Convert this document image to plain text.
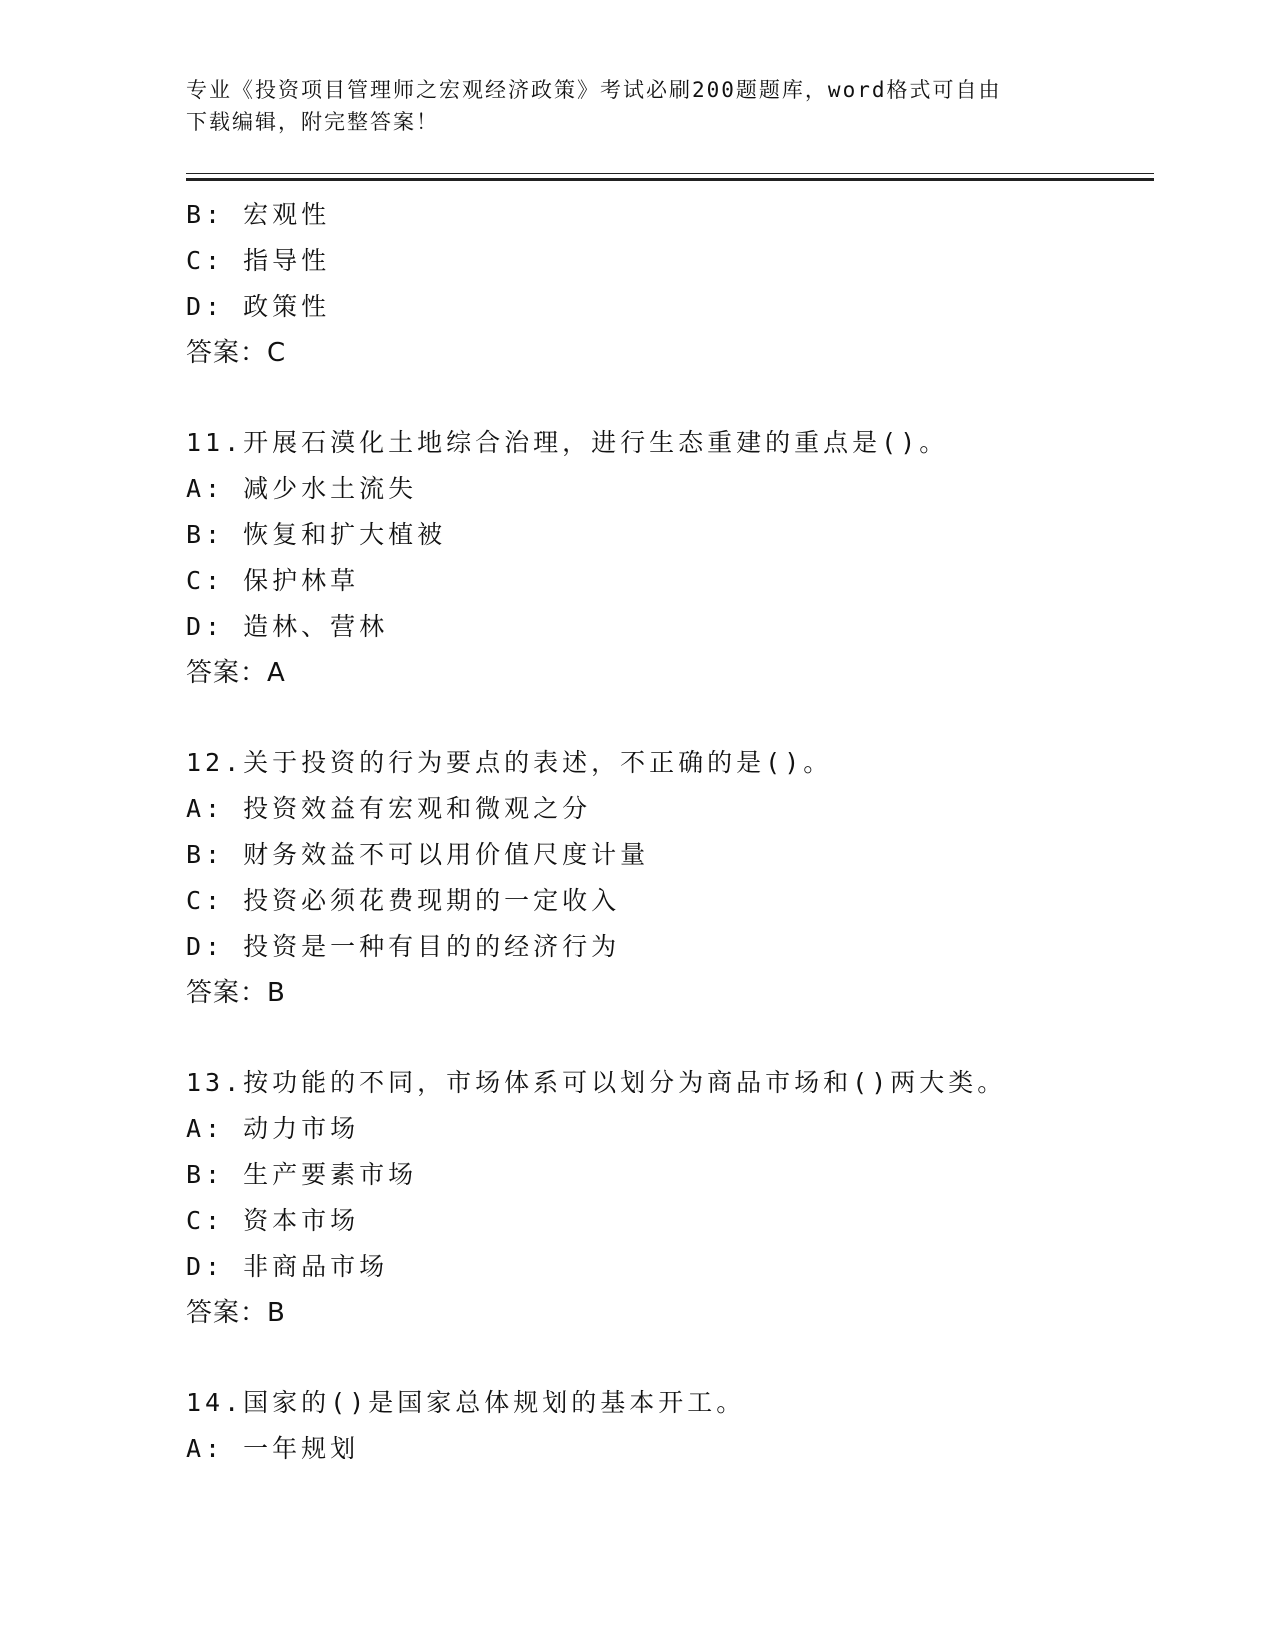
专业《投资项目管理师之宏观经济政策》考试必刷200题题库，word格式可自由
下载编辑，附完整答案！
B: 宏观性
C: 指导性
D: 政策性
答案：C
11.开展石漠化土地综合治理，进行生态重建的重点是()。
A: 减少水土流失
B: 恢复和扩大植被
C: 保护林草
D: 造林、营林
答案：A
12.关于投资的行为要点的表述，不正确的是()。
A: 投资效益有宏观和微观之分
B: 财务效益不可以用价值尺度计量
C: 投资必须花费现期的一定收入
D: 投资是一种有目的的经济行为
答案：B
13.按功能的不同，市场体系可以划分为商品市场和()两大类。
A: 动力市场
B: 生产要素市场
C: 资本市场
D: 非商品市场
答案：B
14.国家的()是国家总体规划的基本开工。
A: 一年规划
